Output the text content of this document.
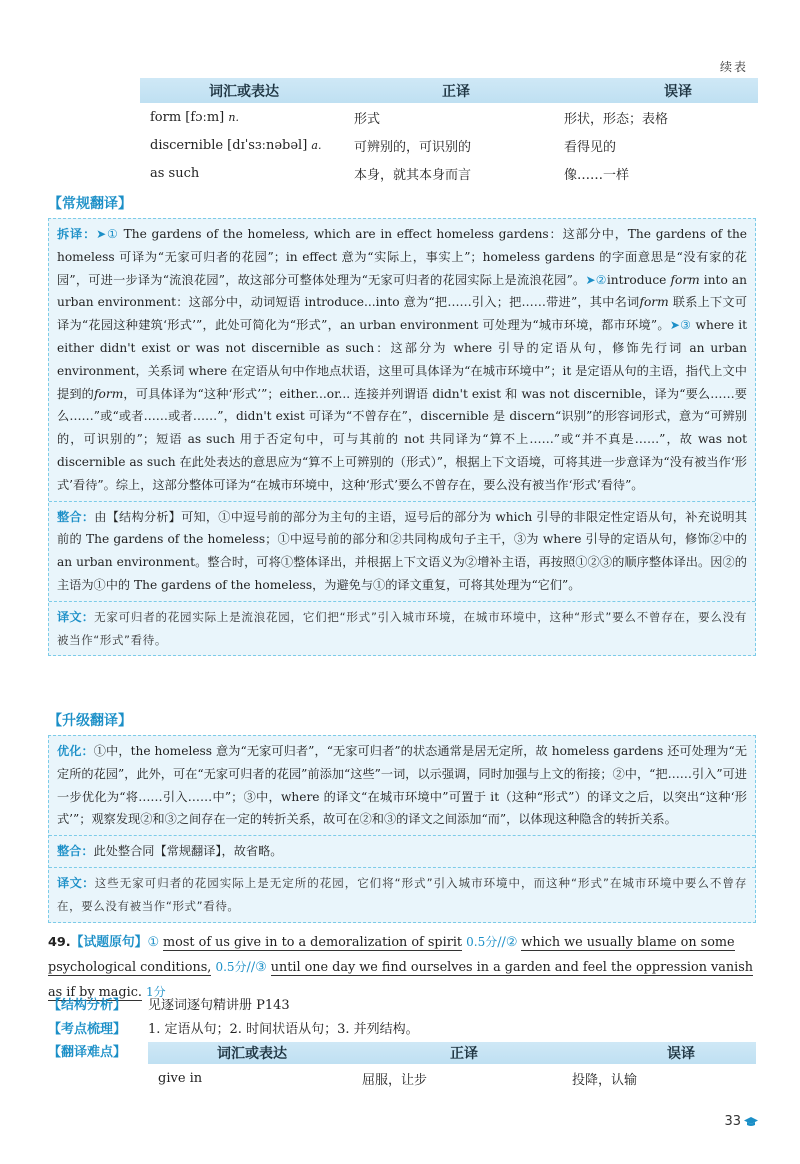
续表
词汇或表达	正译	误译
form [fɔːm] n.	形式	形状，形态；表格
discernible [dɪˈsɜːnəbəl] a.	可辨别的，可识别的	看得见的
as such	本身，就其本身而言	像……一样
【常规翻译】
拆译：➤① The gardens of the homeless, which are in effect homeless gardens：这部分中，The gardens of the homeless 可译为“无家可归者的花园”；in effect 意为“实际上，事实上”；homeless gardens 的字面意思是“没有家的花园”，可进一步译为“流浪花园”，故这部分可整体处理为“无家可归者的花园实际上是流浪花园”。➤②introduce form into an urban environment：这部分中，动词短语 introduce...into 意为“把……引入；把……带进”，其中名词form 联系上下文可译为“花园这种建筑‘形式’”，此处可简化为“形式”，an urban environment 可处理为“城市环境，都市环境”。➤③ where it either didn't exist or was not discernible as such：这部分为 where 引导的定语从句，修饰先行词 an urban environment，关系词 where 在定语从句中作地点状语，这里可具体译为“在城市环境中”；it 是定语从句的主语，指代上文中提到的form，可具体译为“这种‘形式’”；either...or... 连接并列谓语 didn't exist 和 was not discernible，译为“要么……要么……”或“或者……或者……”，didn't exist 可译为“不曾存在”，discernible 是 discern“识别”的形容词形式，意为“可辨别的，可识别的”；短语 as such 用于否定句中，可与其前的 not 共同译为“算不上……”或“并不真是……”，故 was not discernible as such 在此处表达的意思应为“算不上可辨别的（形式）”，根据上下文语境，可将其进一步意译为“没有被当作‘形式’看待”。综上，这部分整体可译为“在城市环境中，这种‘形式’要么不曾存在，要么没有被当作‘形式’看待”。
整合：由【结构分析】可知，①中逗号前的部分为主句的主语，逗号后的部分为 which 引导的非限定性定语从句，补充说明其前的 The gardens of the homeless；①中逗号前的部分和②共同构成句子主干，③为 where 引导的定语从句，修饰②中的 an urban environment。整合时，可将①整体译出，并根据上下文语义为②增补主语，再按照①②③的顺序整体译出。因②的主语为①中的 The gardens of the homeless，为避免与①的译文重复，可将其处理为“它们”。
译文：无家可归者的花园实际上是流浪花园，它们把“形式”引入城市环境，在城市环境中，这种“形式”要么不曾存在，要么没有被当作“形式”看待。
【升级翻译】
优化：①中，the homeless 意为“无家可归者”，“无家可归者”的状态通常是居无定所，故 homeless gardens 还可处理为“无定所的花园”，此外，可在“无家可归者的花园”前添加“这些”一词，以示强调，同时加强与上文的衔接；②中，“把……引入”可进一步优化为“将……引入……中”；③中，where 的译文“在城市环境中”可置于 it（这种“形式”）的译文之后，以突出“这种‘形式’”；观察发现②和③之间存在一定的转折关系，故可在②和③的译文之间添加“而”，以体现这种隐含的转折关系。
整合：此处整合同【常规翻译】，故省略。
译文：这些无家可归者的花园实际上是无定所的花园，它们将“形式”引入城市环境中，而这种“形式”在城市环境中要么不曾存在，要么没有被当作“形式”看待。
49.【试题原句】① most of us give in to a demoralization of spirit 0.5分//② which we usually blame on some psychological conditions, 0.5分//③ until one day we find ourselves in a garden and feel the oppression vanish as if by magic. 1分
【结构分析】	见逐词逐句精讲册 P143
【考点梳理】	1. 定语从句；2. 时间状语从句；3. 并列结构。
【翻译难点】	词汇或表达	正译	误译
give in	屈服，让步	投降，认输
33
